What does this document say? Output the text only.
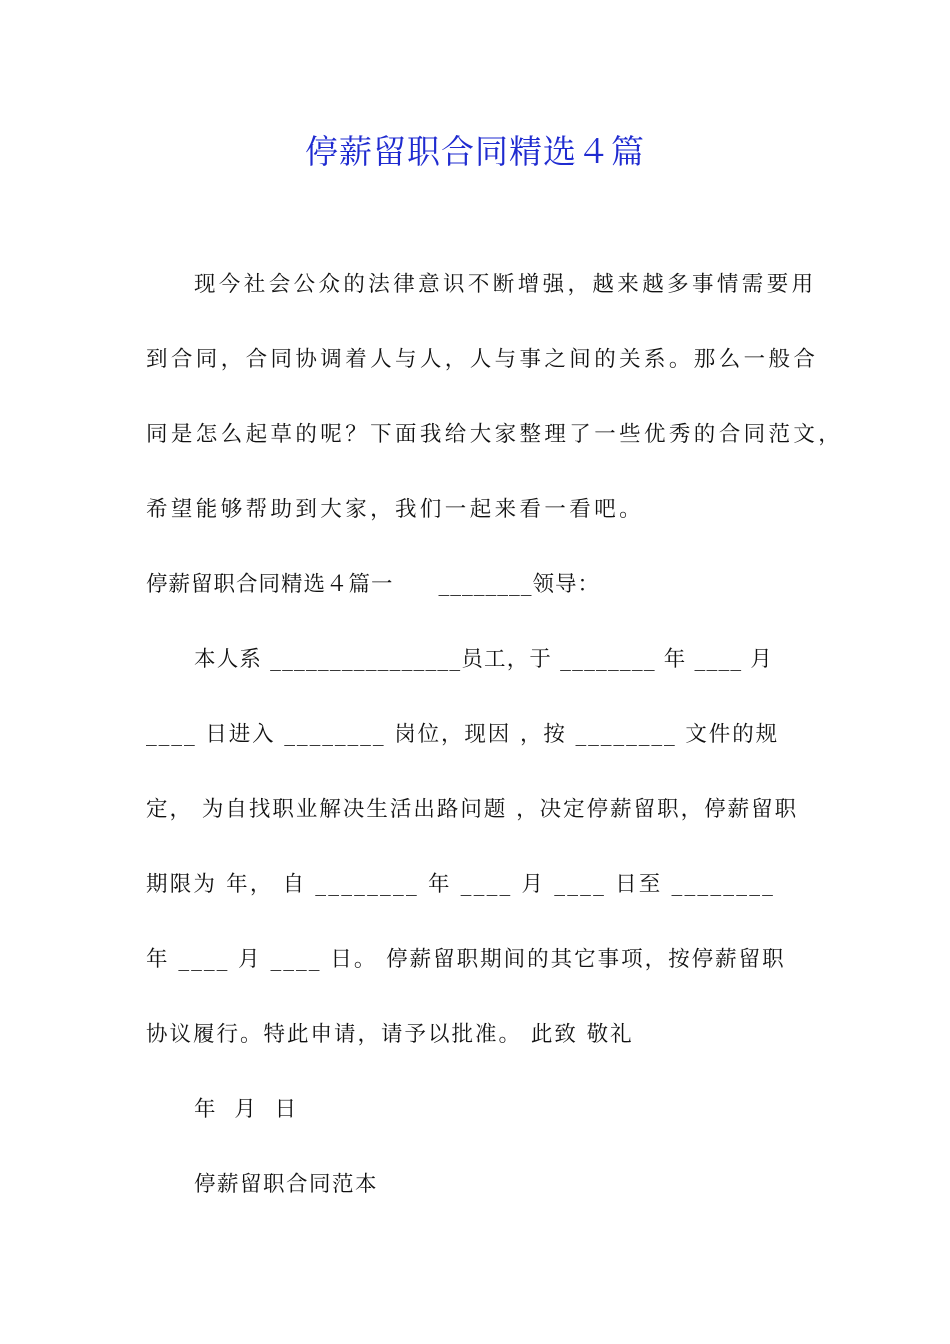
停薪留职合同精选４篇
现今社会公众的法律意识不断增强，越来越多事情需要用
到合同，合同协调着人与人，人与事之间的关系。那么一般合
同是怎么起草的呢？下面我给大家整理了一些优秀的合同范文，
希望能够帮助到大家，我们一起来看一看吧。
停薪留职合同精选４篇一　　________领导：
本人系 ________________员工，于 ________ 年 ____ 月
____ 日进入 ________ 岗位，现因 ，按 ________ 文件的规
定， 为自找职业解决生活出路问题 ，决定停薪留职，停薪留职
期限为 年， 自 ________ 年 ____ 月 ____ 日至 ________
年 ____ 月 ____ 日。 停薪留职期间的其它事项，按停薪留职
协议履行。特此申请，请予以批准。 此致 敬礼
年 月 日
停薪留职合同范本
